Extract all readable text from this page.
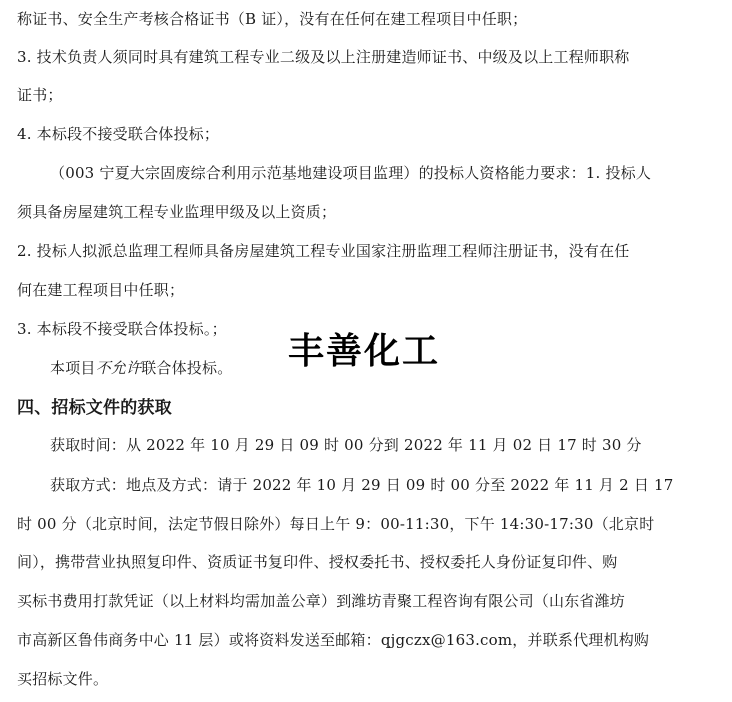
称证书、安全生产考核合格证书（B 证），没有在任何在建工程项目中任职；
3. 技术负责人须同时具有建筑工程专业二级及以上注册建造师证书、中级及以上工程师职称
证书；
4. 本标段不接受联合体投标；
（003 宁夏大宗固废综合利用示范基地建设项目监理）的投标人资格能力要求：1. 投标人
须具备房屋建筑工程专业监理甲级及以上资质；
2. 投标人拟派总监理工程师具备房屋建筑工程专业国家注册监理工程师注册证书，没有在任
何在建工程项目中任职；
3. 本标段不接受联合体投标。；
本项目不允许联合体投标。	丰善化工
四、招标文件的获取
获取时间：从 2022 年 10 月 29 日 09 时 00 分到 2022 年 11 月 02 日 17 时 30 分
获取方式：地点及方式：请于 2022 年 10 月 29 日 09 时 00 分至 2022 年 11 月 2 日 17
时 00 分（北京时间，法定节假日除外）每日上午 9：00-11:30，下午 14:30-17:30（北京时
间），携带营业执照复印件、资质证书复印件、授权委托书、授权委托人身份证复印件、购
买标书费用打款凭证（以上材料均需加盖公章）到潍坊青聚工程咨询有限公司（山东省潍坊
市高新区鲁伟商务中心 11 层）或将资料发送至邮箱：qjgczx@163.com，并联系代理机构购
买招标文件。
